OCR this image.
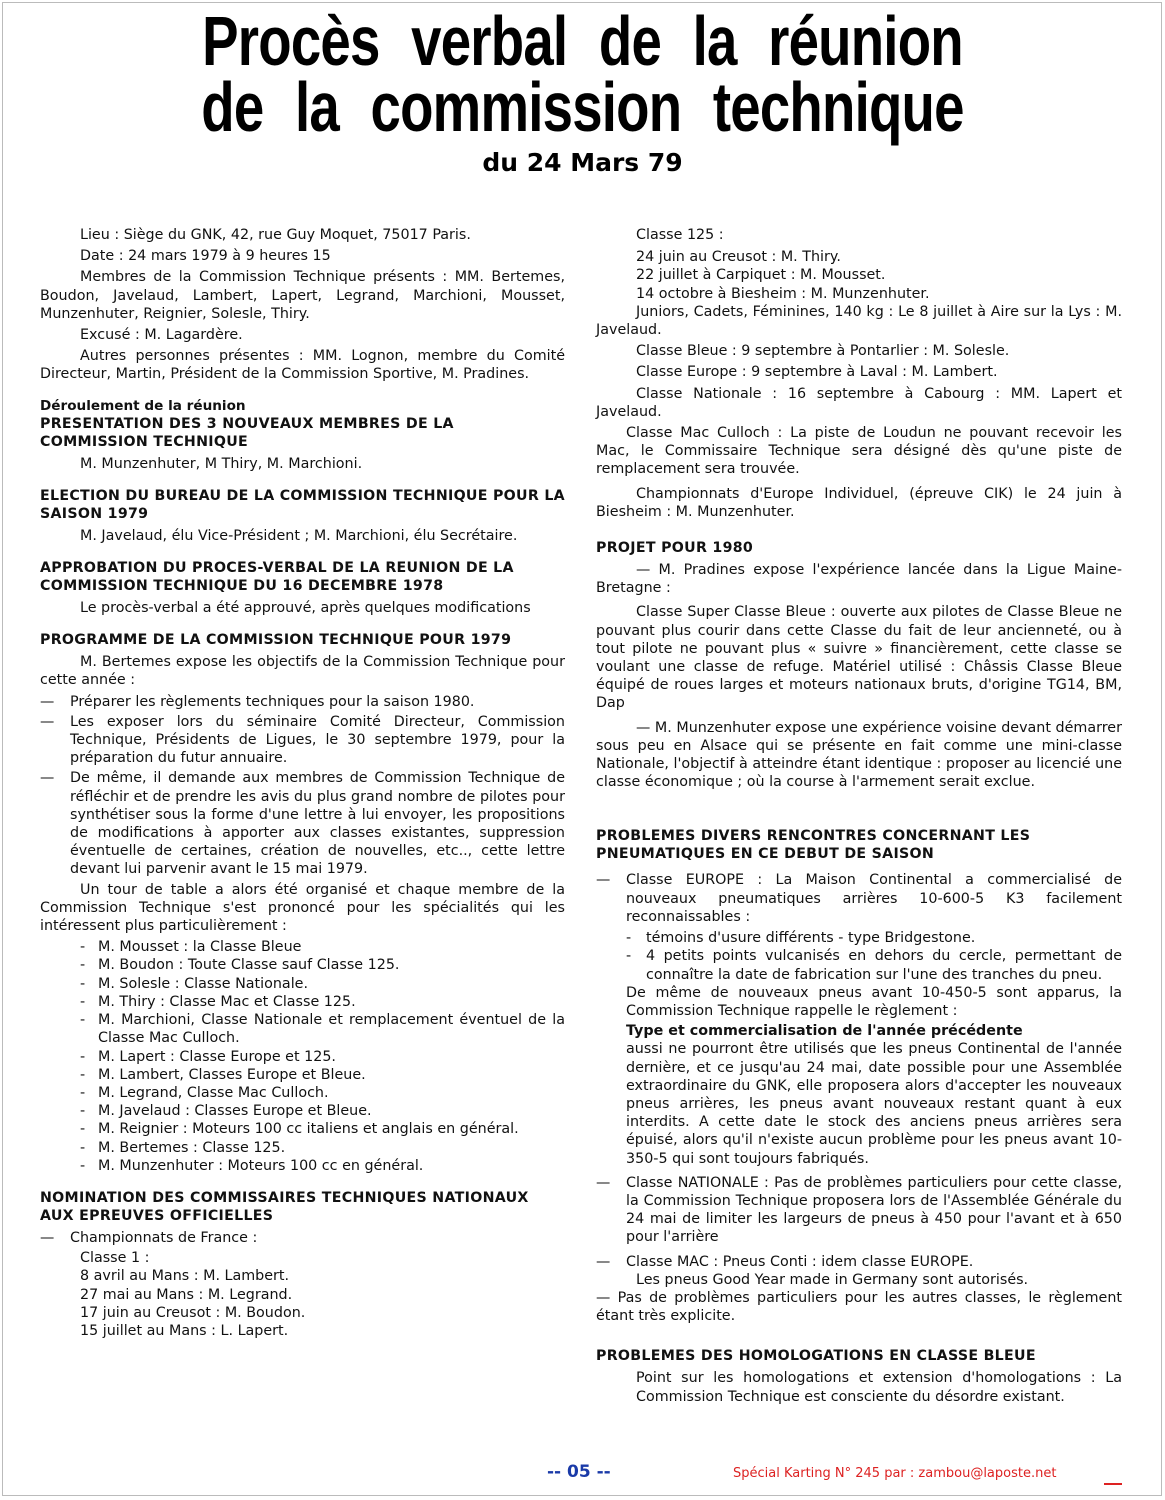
Procès verbal de la réunion
de la commission technique
du 24 Mars 79

Lieu : Siège du GNK, 42, rue Guy Moquet, 75017 Paris.

Date : 24 mars 1979 à 9 heures 15

Membres de la Commission Technique présents : MM. Bertemes, Boudon, Javelaud, Lambert, Lapert, Legrand, Marchioni, Mousset, Munzenhuter, Reignier, Solesle, Thiry.

Excusé : M. Lagardère.

Autres personnes présentes : MM. Lognon, membre du Comité Directeur, Martin, Président de la Commission Sportive, M. Pradines.

Déroulement de la réunion
PRESENTATION DES 3 NOUVEAUX MEMBRES DE LA COMMISSION TECHNIQUE

M. Munzenhuter, M Thiry, M. Marchioni.

ELECTION DU BUREAU DE LA COMMISSION TECHNIQUE POUR LA SAISON 1979

M. Javelaud, élu Vice-Président ; M. Marchioni, élu Secrétaire.

APPROBATION DU PROCES-VERBAL DE LA REUNION DE LA COMMISSION TECHNIQUE DU 16 DECEMBRE 1978

Le procès-verbal a été approuvé, après quelques modifications

PROGRAMME DE LA COMMISSION TECHNIQUE POUR 1979

M. Bertemes expose les objectifs de la Commission Technique pour cette année :

— Préparer les règlements techniques pour la saison 1980.
— Les exposer lors du séminaire Comité Directeur, Commission Technique, Présidents de Ligues, le 30 septembre 1979, pour la préparation du futur annuaire.
— De même, il demande aux membres de Commission Technique de réfléchir et de prendre les avis du plus grand nombre de pilotes pour synthétiser sous la forme d'une lettre à lui envoyer, les propositions de modifications à apporter aux classes existantes, suppression éventuelle de certaines, création de nouvelles, etc.., cette lettre devant lui parvenir avant le 15 mai 1979.

Un tour de table a alors été organisé et chaque membre de la Commission Technique s'est prononcé pour les spécialités qui les intéressent plus particulièrement :

- M. Mousset : la Classe Bleue
- M. Boudon : Toute Classe sauf Classe 125.
- M. Solesle : Classe Nationale.
- M. Thiry : Classe Mac et Classe 125.
- M. Marchioni, Classe Nationale et remplacement éventuel de la Classe Mac Culloch.
- M. Lapert : Classe Europe et 125.
- M. Lambert, Classes Europe et Bleue.
- M. Legrand, Classe Mac Culloch.
- M. Javelaud : Classes Europe et Bleue.
- M. Reignier : Moteurs 100 cc italiens et anglais en général.
- M. Bertemes : Classe 125.
- M. Munzenhuter : Moteurs 100 cc en général.
NOMINATION DES COMMISSAIRES TECHNIQUES NATIONAUX AUX EPREUVES OFFICIELLES
— Championnats de France :

Classe 1 :

8 avril au Mans : M. Lambert.

27 mai au Mans : M. Legrand.

17 juin au Creusot : M. Boudon.

15 juillet au Mans : L. Lapert.

Classe 125 :

24 juin au Creusot : M. Thiry.

22 juillet à Carpiquet : M. Mousset.

14 octobre à Biesheim : M. Munzenhuter.

Juniors, Cadets, Féminines, 140 kg : Le 8 juillet à Aire sur la Lys : M. Javelaud.

Classe Bleue : 9 septembre à Pontarlier : M. Solesle.

Classe Europe : 9 septembre à Laval : M. Lambert.

Classe Nationale : 16 septembre à Cabourg : MM. Lapert et Javelaud.

Classe Mac Culloch : La piste de Loudun ne pouvant recevoir les Mac, le Commissaire Technique sera désigné dès qu'une piste de remplacement sera trouvée.

Championnats d'Europe Individuel, (épreuve CIK) le 24 juin à Biesheim : M. Munzenhuter.

PROJET POUR 1980

— M. Pradines expose l'expérience lancée dans la Ligue Maine-Bretagne :

Classe Super Classe Bleue : ouverte aux pilotes de Classe Bleue ne pouvant plus courir dans cette Classe du fait de leur ancienneté, ou à tout pilote ne pouvant plus « suivre » financièrement, cette classe se voulant une classe de refuge. Matériel utilisé : Châssis Classe Bleue équipé de roues larges et moteurs nationaux bruts, d'origine TG14, BM, Dap

— M. Munzenhuter expose une expérience voisine devant démarrer sous peu en Alsace qui se présente en fait comme une mini-classe Nationale, l'objectif à atteindre étant identique : proposer au licencié une classe économique ; où la course à l'armement serait exclue.

PROBLEMES DIVERS RENCONTRES CONCERNANT LES PNEUMATIQUES EN CE DEBUT DE SAISON
— Classe EUROPE : La Maison Continental a commercialisé de nouveaux pneumatiques arrières 10-600-5 K3 facilement reconnaissables :
- témoins d'usure différents - type Bridgestone.
- 4 petits points vulcanisés en dehors du cercle, permettant de connaître la date de fabrication sur l'une des tranches du pneu.

De même de nouveaux pneus avant 10-450-5 sont apparus, la Commission Technique rappelle le règlement :

Type et commercialisation de l'année précédente

aussi ne pourront être utilisés que les pneus Continental de l'année dernière, et ce jusqu'au 24 mai, date possible pour une Assemblée extraordinaire du GNK, elle proposera alors d'accepter les nouveaux pneus arrières, les pneus avant nouveaux restant quant à eux interdits. A cette date le stock des anciens pneus arrières sera épuisé, alors qu'il n'existe aucun problème pour les pneus avant 10-350-5 qui sont toujours fabriqués.

— Classe NATIONALE : Pas de problèmes particuliers pour cette classe, la Commission Technique proposera lors de l'Assemblée Générale du 24 mai de limiter les largeurs de pneus à 450 pour l'avant et à 650 pour l'arrière
— Classe MAC : Pneus Conti : idem classe EUROPE.

Les pneus Good Year made in Germany sont autorisés.

— Pas de problèmes particuliers pour les autres classes, le règlement étant très explicite.

PROBLEMES DES HOMOLOGATIONS EN CLASSE BLEUE

Point sur les homologations et extension d'homologations : La Commission Technique est consciente du désordre existant.

-- 05 --	Spécial Karting N° 245 par : zambou@laposte.net
